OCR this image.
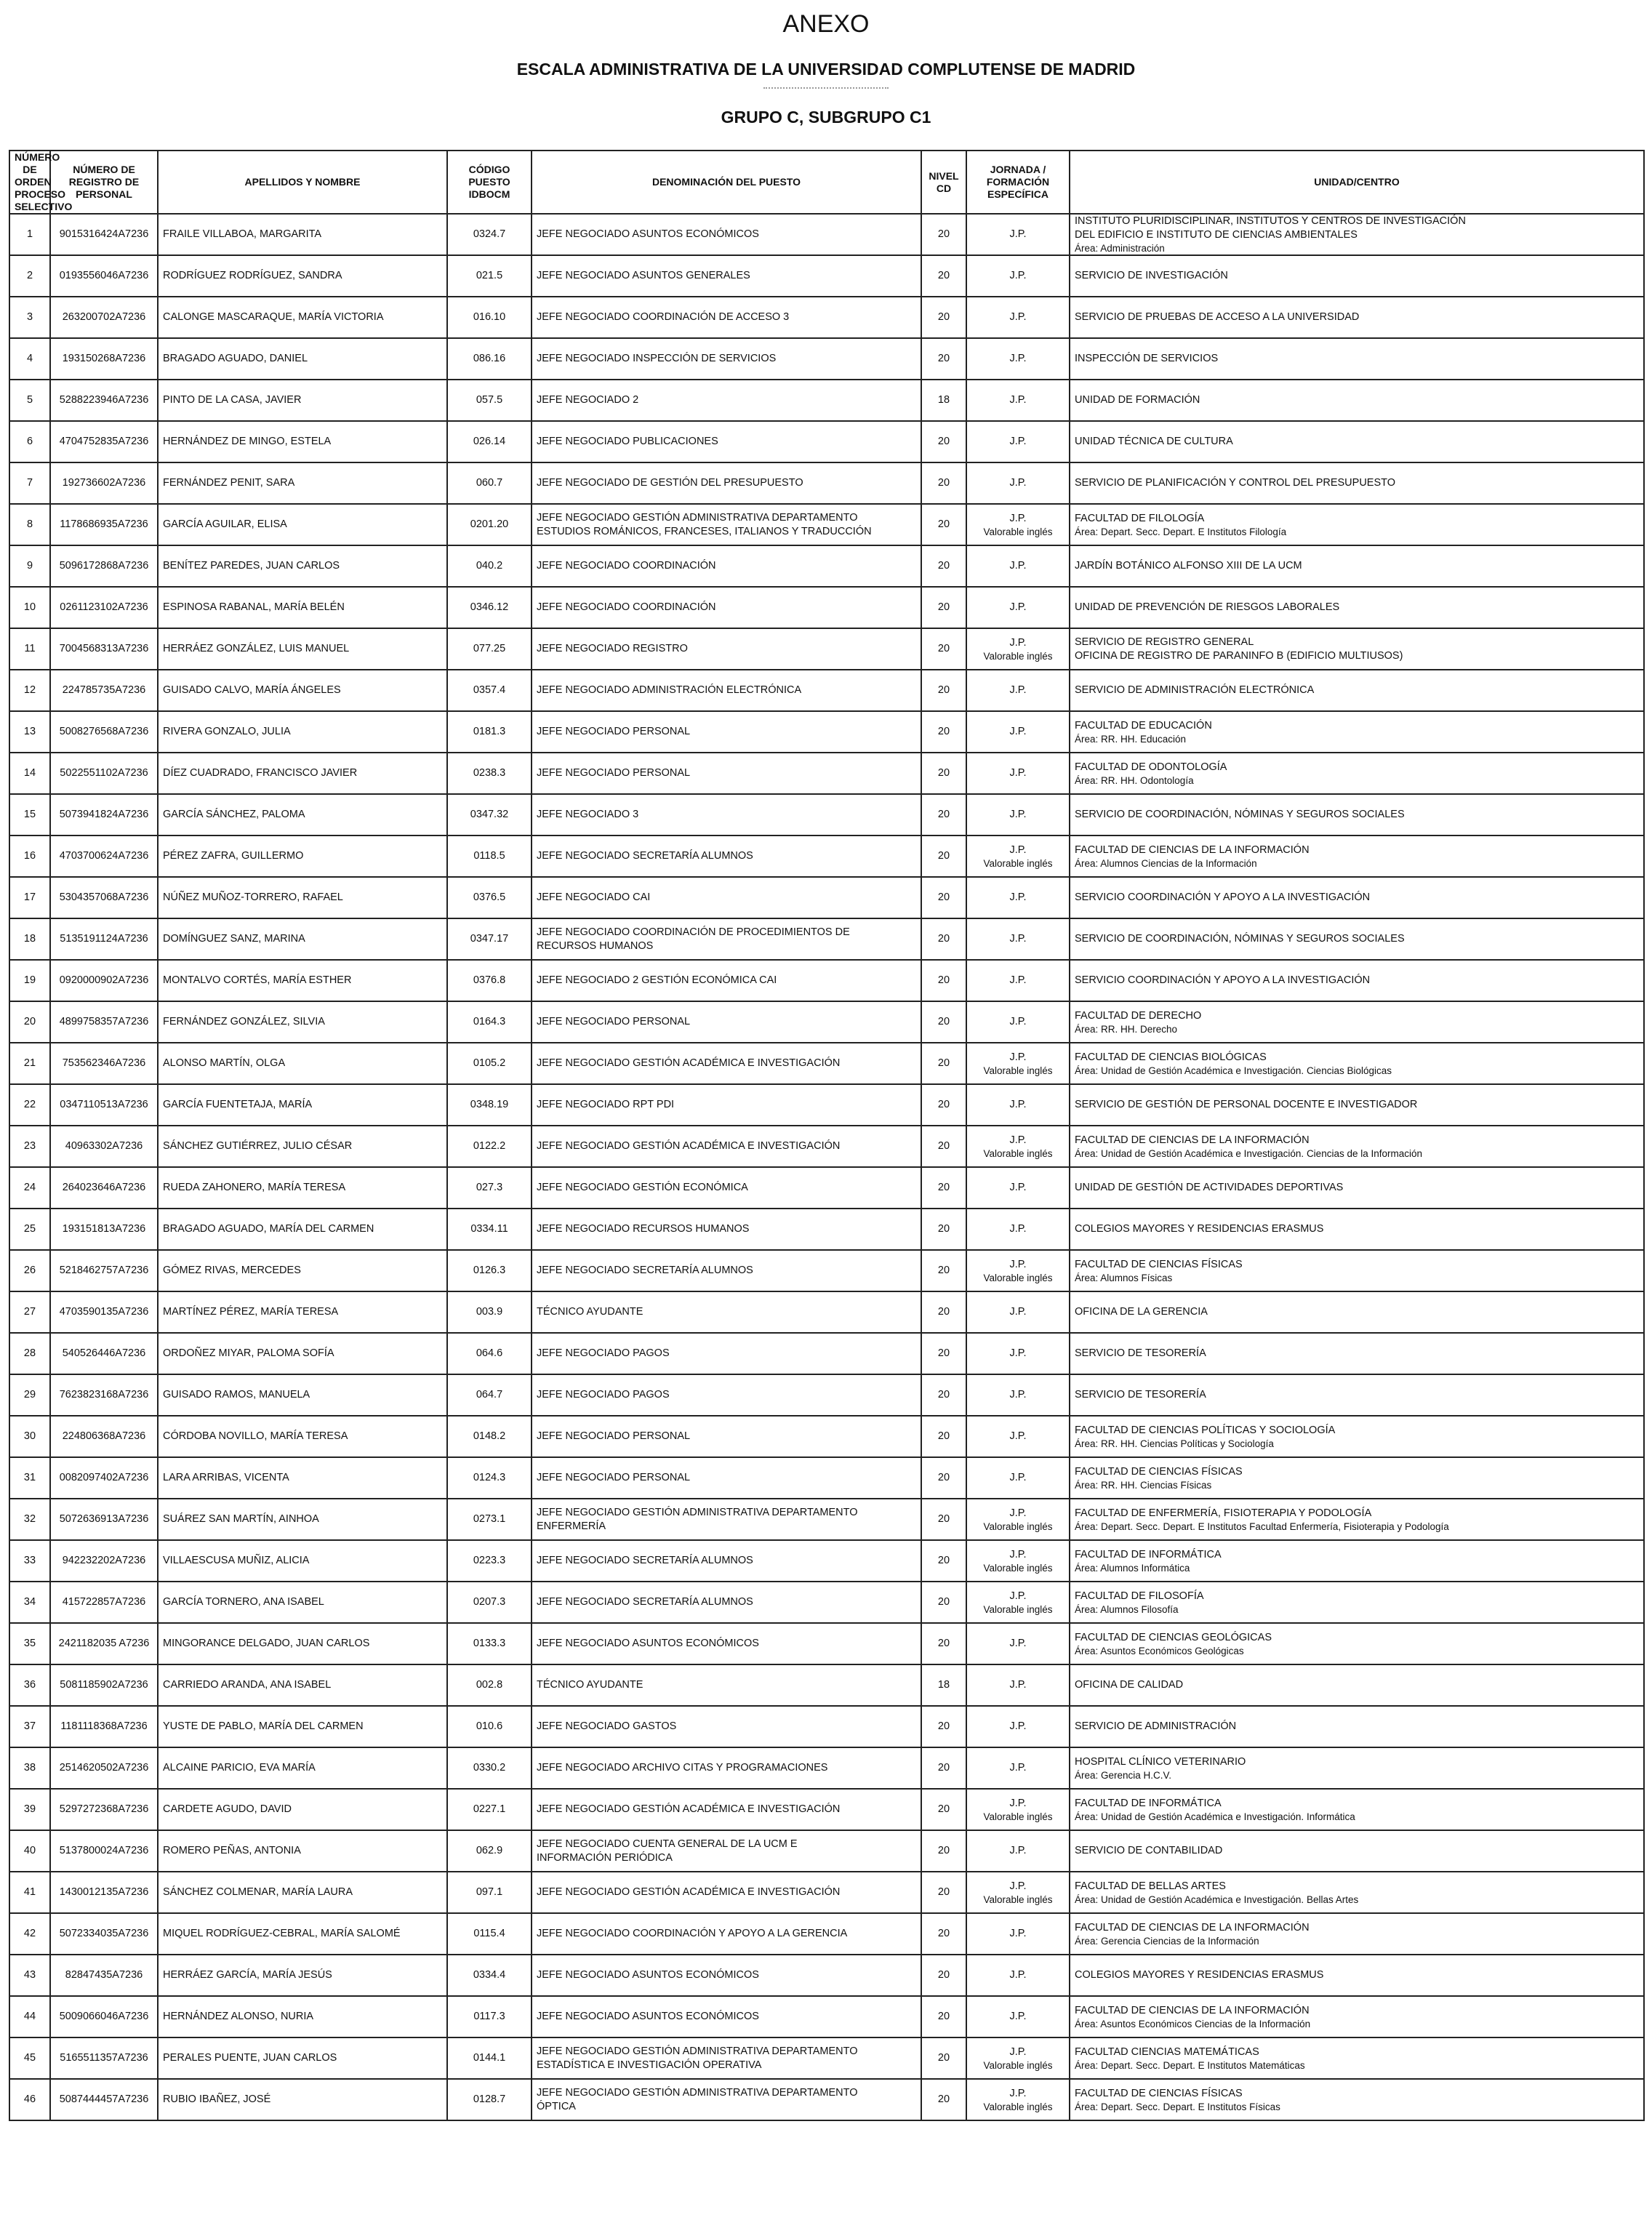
ANEXO
ESCALA ADMINISTRATIVA DE LA UNIVERSIDAD COMPLUTENSE DE MADRID
GRUPO C, SUBGRUPO C1
NÚMERO DE ORDEN PROCESO SELECTIVO	NÚMERO DE REGISTRO DE PERSONAL	APELLIDOS Y NOMBRE	CÓDIGO PUESTO IDBOCM	DENOMINACIÓN DEL PUESTO	NIVEL CD	JORNADA / FORMACIÓN ESPECÍFICA	UNIDAD/CENTRO
1	9015316424A7236	FRAILE VILLABOA, MARGARITA	0324.7	JEFE NEGOCIADO ASUNTOS ECONÓMICOS	20	J.P.	INSTITUTO PLURIDISCIPLINAR, INSTITUTOS Y CENTROS DE INVESTIGACIÓN
DEL EDIFICIO E INSTITUTO DE CIENCIAS AMBIENTALES
Área: Administración

2	0193556046A7236	RODRÍGUEZ RODRÍGUEZ, SANDRA	021.5	JEFE NEGOCIADO ASUNTOS GENERALES	20	J.P.	SERVICIO DE INVESTIGACIÓN

3	263200702A7236	CALONGE MASCARAQUE, MARÍA VICTORIA	016.10	JEFE NEGOCIADO COORDINACIÓN DE ACCESO 3	20	J.P.	SERVICIO DE PRUEBAS DE ACCESO A LA UNIVERSIDAD

4	193150268A7236	BRAGADO AGUADO, DANIEL	086.16	JEFE NEGOCIADO INSPECCIÓN DE SERVICIOS	20	J.P.	INSPECCIÓN DE SERVICIOS

5	5288223946A7236	PINTO DE LA CASA, JAVIER	057.5	JEFE NEGOCIADO 2	18	J.P.	UNIDAD DE FORMACIÓN

6	4704752835A7236	HERNÁNDEZ DE MINGO, ESTELA	026.14	JEFE NEGOCIADO PUBLICACIONES	20	J.P.	UNIDAD TÉCNICA DE CULTURA

7	192736602A7236	FERNÁNDEZ PENIT, SARA	060.7	JEFE NEGOCIADO DE GESTIÓN DEL PRESUPUESTO	20	J.P.	SERVICIO DE PLANIFICACIÓN Y CONTROL DEL PRESUPUESTO

8	1178686935A7236	GARCÍA AGUILAR, ELISA	0201.20	JEFE NEGOCIADO GESTIÓN ADMINISTRATIVA DEPARTAMENTO
ESTUDIOS ROMÁNICOS, FRANCESES, ITALIANOS Y TRADUCCIÓN	20	J.P.
Valorable inglés	FACULTAD DE FILOLOGÍA
Área: Depart. Secc. Depart. E Institutos Filología

9	5096172868A7236	BENÍTEZ PAREDES, JUAN CARLOS	040.2	JEFE NEGOCIADO COORDINACIÓN	20	J.P.	JARDÍN BOTÁNICO ALFONSO XIII DE LA UCM

10	0261123102A7236	ESPINOSA RABANAL, MARÍA BELÉN	0346.12	JEFE NEGOCIADO COORDINACIÓN	20	J.P.	UNIDAD DE PREVENCIÓN DE RIESGOS LABORALES

11	7004568313A7236	HERRÁEZ GONZÁLEZ, LUIS MANUEL	077.25	JEFE NEGOCIADO REGISTRO	20	J.P.
Valorable inglés	SERVICIO DE REGISTRO GENERAL
OFICINA DE REGISTRO DE PARANINFO B (EDIFICIO MULTIUSOS)

12	224785735A7236	GUISADO CALVO, MARÍA ÁNGELES	0357.4	JEFE NEGOCIADO ADMINISTRACIÓN ELECTRÓNICA	20	J.P.	SERVICIO DE ADMINISTRACIÓN ELECTRÓNICA

13	5008276568A7236	RIVERA GONZALO, JULIA	0181.3	JEFE NEGOCIADO PERSONAL	20	J.P.	FACULTAD DE EDUCACIÓN
Área: RR. HH. Educación

14	5022551102A7236	DÍEZ CUADRADO, FRANCISCO JAVIER	0238.3	JEFE NEGOCIADO PERSONAL	20	J.P.	FACULTAD DE ODONTOLOGÍA
Área: RR. HH. Odontología

15	5073941824A7236	GARCÍA SÁNCHEZ, PALOMA	0347.32	JEFE NEGOCIADO 3	20	J.P.	SERVICIO DE COORDINACIÓN, NÓMINAS Y SEGUROS SOCIALES

16	4703700624A7236	PÉREZ ZAFRA, GUILLERMO	0118.5	JEFE NEGOCIADO SECRETARÍA ALUMNOS	20	J.P.
Valorable inglés	FACULTAD DE CIENCIAS DE LA INFORMACIÓN
Área: Alumnos Ciencias de la Información

17	5304357068A7236	NÚÑEZ MUÑOZ-TORRERO, RAFAEL	0376.5	JEFE NEGOCIADO CAI	20	J.P.	SERVICIO COORDINACIÓN Y APOYO A LA INVESTIGACIÓN

18	5135191124A7236	DOMÍNGUEZ SANZ, MARINA	0347.17	JEFE NEGOCIADO COORDINACIÓN DE PROCEDIMIENTOS DE
RECURSOS HUMANOS	20	J.P.	SERVICIO DE COORDINACIÓN, NÓMINAS Y SEGUROS SOCIALES

19	0920000902A7236	MONTALVO CORTÉS, MARÍA ESTHER	0376.8	JEFE NEGOCIADO 2 GESTIÓN ECONÓMICA CAI	20	J.P.	SERVICIO COORDINACIÓN Y APOYO A LA INVESTIGACIÓN

20	4899758357A7236	FERNÁNDEZ GONZÁLEZ, SILVIA	0164.3	JEFE NEGOCIADO PERSONAL	20	J.P.	FACULTAD DE DERECHO
Área: RR. HH. Derecho

21	753562346A7236	ALONSO MARTÍN, OLGA	0105.2	JEFE NEGOCIADO GESTIÓN ACADÉMICA E INVESTIGACIÓN	20	J.P.
Valorable inglés	FACULTAD DE CIENCIAS BIOLÓGICAS
Área: Unidad de Gestión Académica e Investigación. Ciencias Biológicas

22	0347110513A7236	GARCÍA FUENTETAJA, MARÍA	0348.19	JEFE NEGOCIADO RPT PDI	20	J.P.	SERVICIO DE GESTIÓN DE PERSONAL DOCENTE E INVESTIGADOR

23	40963302A7236	SÁNCHEZ GUTIÉRREZ, JULIO CÉSAR	0122.2	JEFE NEGOCIADO GESTIÓN ACADÉMICA E INVESTIGACIÓN	20	J.P.
Valorable inglés	FACULTAD DE CIENCIAS DE LA INFORMACIÓN
Área: Unidad de Gestión Académica e Investigación. Ciencias de la Información

24	264023646A7236	RUEDA ZAHONERO, MARÍA TERESA	027.3	JEFE NEGOCIADO GESTIÓN ECONÓMICA	20	J.P.	UNIDAD DE GESTIÓN DE ACTIVIDADES DEPORTIVAS

25	193151813A7236	BRAGADO AGUADO, MARÍA DEL CARMEN	0334.11	JEFE NEGOCIADO RECURSOS HUMANOS	20	J.P.	COLEGIOS MAYORES Y RESIDENCIAS ERASMUS

26	5218462757A7236	GÓMEZ RIVAS, MERCEDES	0126.3	JEFE NEGOCIADO SECRETARÍA ALUMNOS	20	J.P.
Valorable inglés	FACULTAD DE CIENCIAS FÍSICAS
Área: Alumnos Físicas

27	4703590135A7236	MARTÍNEZ PÉREZ, MARÍA TERESA	003.9	TÉCNICO AYUDANTE	20	J.P.	OFICINA DE LA GERENCIA

28	540526446A7236	ORDOÑEZ MIYAR, PALOMA SOFÍA	064.6	JEFE NEGOCIADO PAGOS	20	J.P.	SERVICIO DE TESORERÍA

29	7623823168A7236	GUISADO RAMOS, MANUELA	064.7	JEFE NEGOCIADO PAGOS	20	J.P.	SERVICIO DE TESORERÍA

30	224806368A7236	CÓRDOBA NOVILLO, MARÍA TERESA	0148.2	JEFE NEGOCIADO PERSONAL	20	J.P.	FACULTAD DE CIENCIAS POLÍTICAS Y SOCIOLOGÍA
Área: RR. HH. Ciencias Políticas y Sociología

31	0082097402A7236	LARA ARRIBAS, VICENTA	0124.3	JEFE NEGOCIADO PERSONAL	20	J.P.	FACULTAD DE CIENCIAS FÍSICAS
Área: RR. HH. Ciencias Físicas

32	5072636913A7236	SUÁREZ SAN MARTÍN, AINHOA	0273.1	JEFE NEGOCIADO GESTIÓN ADMINISTRATIVA DEPARTAMENTO
ENFERMERÍA	20	J.P.
Valorable inglés	FACULTAD DE ENFERMERÍA, FISIOTERAPIA Y PODOLOGÍA
Área: Depart. Secc. Depart. E Institutos Facultad Enfermería, Fisioterapia y Podología

33	942232202A7236	VILLAESCUSA MUÑIZ, ALICIA	0223.3	JEFE NEGOCIADO SECRETARÍA ALUMNOS	20	J.P.
Valorable inglés	FACULTAD DE INFORMÁTICA
Área: Alumnos Informática

34	415722857A7236	GARCÍA TORNERO, ANA ISABEL	0207.3	JEFE NEGOCIADO SECRETARÍA ALUMNOS	20	J.P.
Valorable inglés	FACULTAD DE FILOSOFÍA
Área: Alumnos Filosofía

35	2421182035 A7236	MINGORANCE DELGADO, JUAN CARLOS	0133.3	JEFE NEGOCIADO ASUNTOS ECONÓMICOS	20	J.P.	FACULTAD DE CIENCIAS GEOLÓGICAS
Área: Asuntos Económicos Geológicas

36	5081185902A7236	CARRIEDO ARANDA, ANA ISABEL	002.8	TÉCNICO AYUDANTE	18	J.P.	OFICINA DE CALIDAD

37	1181118368A7236	YUSTE DE PABLO, MARÍA DEL CARMEN	010.6	JEFE NEGOCIADO GASTOS	20	J.P.	SERVICIO DE ADMINISTRACIÓN

38	2514620502A7236	ALCAINE PARICIO, EVA MARÍA	0330.2	JEFE NEGOCIADO ARCHIVO CITAS Y PROGRAMACIONES	20	J.P.	HOSPITAL CLÍNICO VETERINARIO
Área: Gerencia H.C.V.

39	5297272368A7236	CARDETE AGUDO, DAVID	0227.1	JEFE NEGOCIADO GESTIÓN ACADÉMICA E INVESTIGACIÓN	20	J.P.
Valorable inglés	FACULTAD DE INFORMÁTICA
Área: Unidad de Gestión Académica e Investigación. Informática

40	5137800024A7236	ROMERO PEÑAS, ANTONIA	062.9	JEFE NEGOCIADO CUENTA GENERAL DE LA UCM E
INFORMACIÓN PERIÓDICA	20	J.P.	SERVICIO DE CONTABILIDAD

41	1430012135A7236	SÁNCHEZ COLMENAR, MARÍA LAURA	097.1	JEFE NEGOCIADO GESTIÓN ACADÉMICA E INVESTIGACIÓN	20	J.P.
Valorable inglés	FACULTAD DE BELLAS ARTES
Área: Unidad de Gestión Académica e Investigación. Bellas Artes

42	5072334035A7236	MIQUEL RODRÍGUEZ-CEBRAL, MARÍA SALOMÉ	0115.4	JEFE NEGOCIADO COORDINACIÓN Y APOYO A LA GERENCIA	20	J.P.	FACULTAD DE CIENCIAS DE LA INFORMACIÓN
Área: Gerencia Ciencias de la Información

43	82847435A7236	HERRÁEZ GARCÍA, MARÍA JESÚS	0334.4	JEFE NEGOCIADO ASUNTOS ECONÓMICOS	20	J.P.	COLEGIOS MAYORES Y RESIDENCIAS ERASMUS

44	5009066046A7236	HERNÁNDEZ ALONSO, NURIA	0117.3	JEFE NEGOCIADO ASUNTOS ECONÓMICOS	20	J.P.	FACULTAD DE CIENCIAS DE LA INFORMACIÓN
Área: Asuntos Económicos Ciencias de la Información

45	5165511357A7236	PERALES PUENTE, JUAN CARLOS	0144.1	JEFE NEGOCIADO GESTIÓN ADMINISTRATIVA DEPARTAMENTO
ESTADÍSTICA E INVESTIGACIÓN OPERATIVA	20	J.P.
Valorable inglés	FACULTAD CIENCIAS MATEMÁTICAS
Área: Depart. Secc. Depart. E Institutos Matemáticas

46	5087444457A7236	RUBIO IBAÑEZ, JOSÉ	0128.7	JEFE NEGOCIADO GESTIÓN ADMINISTRATIVA DEPARTAMENTO
ÓPTICA	20	J.P.
Valorable inglés	FACULTAD DE CIENCIAS FÍSICAS
Área: Depart. Secc. Depart. E Institutos Físicas
